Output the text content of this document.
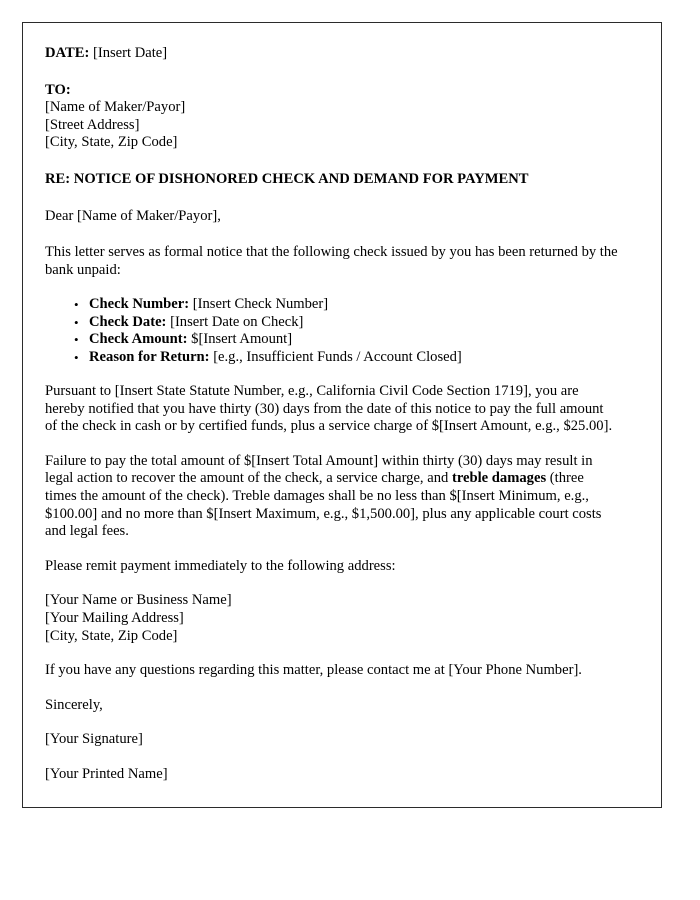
DATE: [Insert Date]

TO:

[Name of Maker/Payor]

[Street Address]

[City, State, Zip Code]

RE: NOTICE OF DISHONORED CHECK AND DEMAND FOR PAYMENT

Dear [Name of Maker/Payor],

This letter serves as formal notice that the following check issued by you has been returned by the bank unpaid:

• Check Number: [Insert Check Number]
• Check Date: [Insert Date on Check]
• Check Amount: $[Insert Amount]
• Reason for Return: [e.g., Insufficient Funds / Account Closed]

Pursuant to [Insert State Statute Number, e.g., California Civil Code Section 1719], you are hereby notified that you have thirty (30) days from the date of this notice to pay the full amount of the check in cash or by certified funds, plus a service charge of $[Insert Amount, e.g., $25.00].

Failure to pay the total amount of $[Insert Total Amount] within thirty (30) days may result in legal action to recover the amount of the check, a service charge, and treble damages (three times the amount of the check). Treble damages shall be no less than $[Insert Minimum, e.g., $100.00] and no more than $[Insert Maximum, e.g., $1,500.00], plus any applicable court costs and legal fees.

Please remit payment immediately to the following address:

[Your Name or Business Name]

[Your Mailing Address]

[City, State, Zip Code]

If you have any questions regarding this matter, please contact me at [Your Phone Number].

Sincerely,

[Your Signature]

[Your Printed Name]
